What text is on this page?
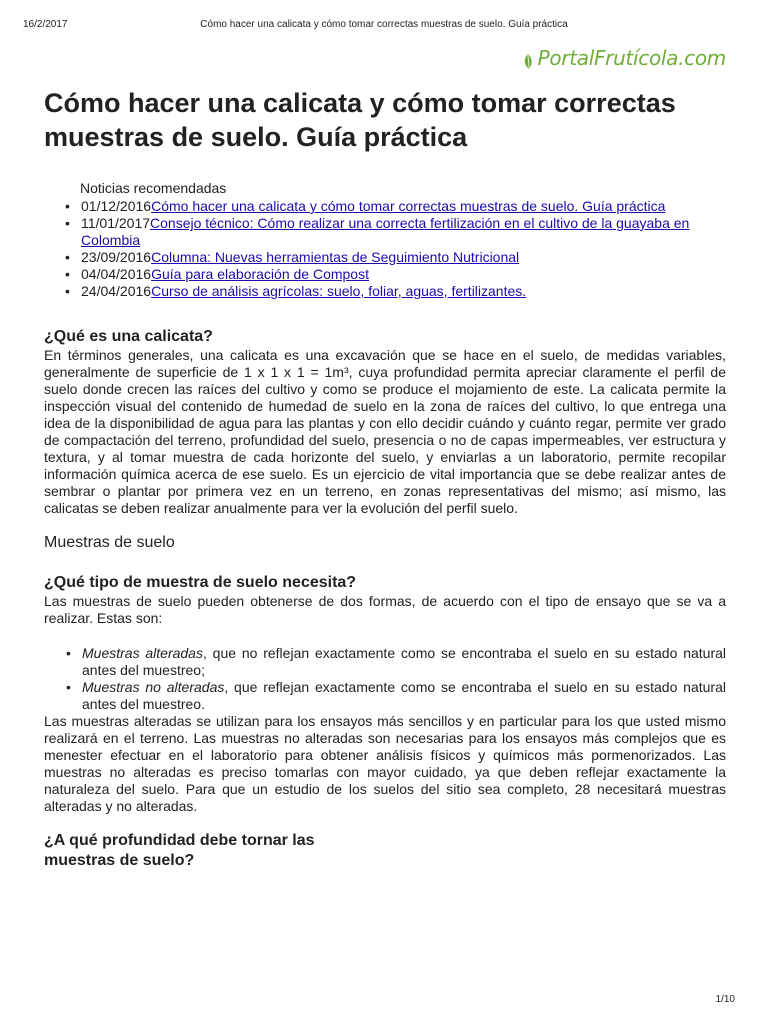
16/2/2017	Cómo hacer una calicata y cómo tomar correctas muestras de suelo. Guía práctica
PortalFrutícola.com
Cómo hacer una calicata y cómo tomar correctas muestras de suelo. Guía práctica
Noticias recomendadas
• 01/12/2016Cómo hacer una calicata y cómo tomar correctas muestras de suelo. Guía práctica
• 11/01/2017Consejo técnico: Cómo realizar una correcta fertilización en el cultivo de la guayaba en Colombia
• 23/09/2016Columna: Nuevas herramientas de Seguimiento Nutricional
• 04/04/2016Guía para elaboración de Compost
• 24/04/2016Curso de análisis agrícolas: suelo, foliar, aguas, fertilizantes.
¿Qué es una calicata?

En términos generales, una calicata es una excavación que se hace en el suelo, de medidas variables, generalmente de superficie de 1 x 1 x 1 = 1m³, cuya profundidad permita apreciar claramente el perfil de suelo donde crecen las raíces del cultivo y como se produce el mojamiento de este. La calicata permite la inspección visual del contenido de humedad de suelo en la zona de raíces del cultivo, lo que entrega una idea de la disponibilidad de agua para las plantas y con ello decidir cuándo y cuánto regar, permite ver grado de compactación del terreno, profundidad del suelo, presencia o no de capas impermeables, ver estructura y textura, y al tomar muestra de cada horizonte del suelo, y enviarlas a un laboratorio, permite recopilar información química acerca de ese suelo. Es un ejercicio de vital importancia que se debe realizar antes de sembrar o plantar por primera vez en un terreno, en zonas representativas del mismo; así mismo, las calicatas se deben realizar anualmente para ver la evolución del perfil suelo.

Muestras de suelo
¿Qué tipo de muestra de suelo necesita?

Las muestras de suelo pueden obtenerse de dos formas, de acuerdo con el tipo de ensayo que se va a realizar. Estas son:

• Muestras alteradas, que no reflejan exactamente como se encontraba el suelo en su estado natural antes del muestreo;
• Muestras no alteradas, que reflejan exactamente como se encontraba el suelo en su estado natural antes del muestreo.

Las muestras alteradas se utilizan para los ensayos más sencillos y en particular para los que usted mismo realizará en el terreno. Las muestras no alteradas son necesarias para los ensayos más complejos que es menester efectuar en el laboratorio para obtener análisis físicos y químicos más pormenorizados. Las muestras no alteradas es preciso tomarlas con mayor cuidado, ya que deben reflejar exactamente la naturaleza del suelo. Para que un estudio de los suelos del sitio sea completo, 28 necesitará muestras alteradas y no alteradas.

¿A qué profundidad debe tornar las muestras de suelo?
1/10
